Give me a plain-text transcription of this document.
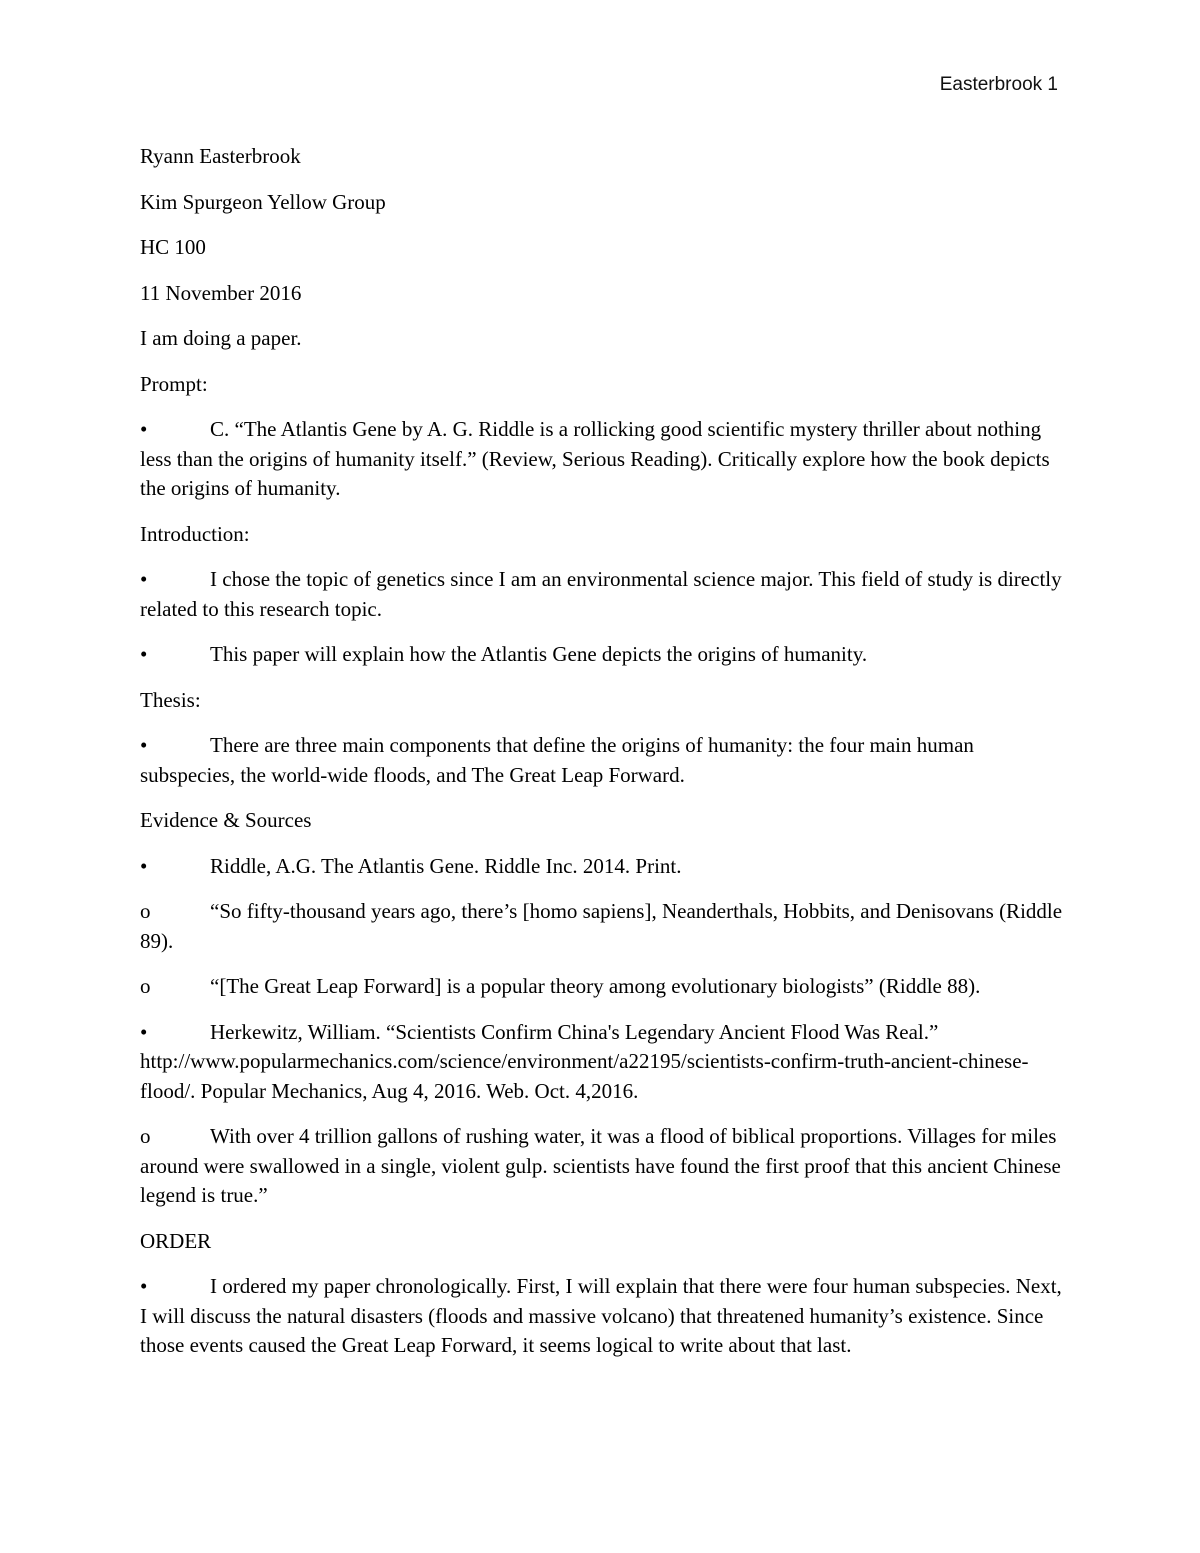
Easterbrook 1

Ryann Easterbrook

Kim Spurgeon Yellow Group

HC 100

11 November 2016

I am doing a paper.

Prompt:

•	C. “The Atlantis Gene by A. G. Riddle is a rollicking good scientific mystery thriller about nothing less than the origins of humanity itself.” (Review, Serious Reading). Critically explore how the book depicts the origins of humanity.

Introduction:

•	I chose the topic of genetics since I am an environmental science major. This field of study is directly related to this research topic.

•	This paper will explain how the Atlantis Gene depicts the origins of humanity.

Thesis:

•	There are three main components that define the origins of humanity: the four main human subspecies, the world-wide floods, and The Great Leap Forward.

Evidence & Sources

•	Riddle, A.G. The Atlantis Gene. Riddle Inc. 2014. Print.

o	“So fifty-thousand years ago, there’s [homo sapiens], Neanderthals, Hobbits, and Denisovans (Riddle 89).

o	“[The Great Leap Forward] is a popular theory among evolutionary biologists” (Riddle 88).

•	Herkewitz, William. “Scientists Confirm China's Legendary Ancient Flood Was Real.” http://www.popularmechanics.com/science/environment/a22195/scientists-confirm-truth-ancient-chinese-flood/. Popular Mechanics, Aug 4, 2016. Web. Oct. 4,2016.

o	With over 4 trillion gallons of rushing water, it was a flood of biblical proportions. Villages for miles around were swallowed in a single, violent gulp. scientists have found the first proof that this ancient Chinese legend is true.”

ORDER

•	I ordered my paper chronologically. First, I will explain that there were four human subspecies. Next, I will discuss the natural disasters (floods and massive volcano) that threatened humanity’s existence. Since those events caused the Great Leap Forward, it seems logical to write about that last.
